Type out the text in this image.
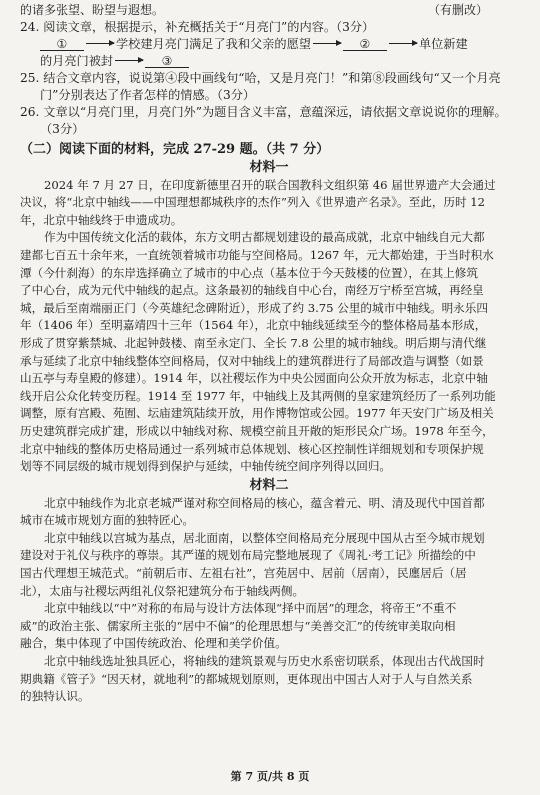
的诸多张望、盼望与遐想。	（有删改）
24. 阅读文章，根据提示，补充概括关于“月亮门”的内容。（3分）
①	学校建月亮门满足了我和父亲的愿望	②	单位新建
的月亮门被封	③
25. 结合文章内容，说说第④段中画线句“哈，又是月亮门！”和第⑧段画线句“又一个月亮
门”分别表达了作者怎样的情感。（3分）
26. 文章以“月亮门里，月亮门外”为题目含义丰富，意蕴深远，请依据文章说说你的理解。
（3分）
（二）阅读下面的材料，完成 27-29 题。（共 7 分）
材料一
2024 年 7 月 27 日，在印度新德里召开的联合国教科文组织第 46 届世界遗产大会通过
决议，将“北京中轴线——中国理想都城秩序的杰作”列入《世界遗产名录》。至此，历时 12
年，北京中轴线终于申遗成功。
作为中国传统文化活的载体，东方文明古都规划建设的最高成就，北京中轴线自元大都
建都七百五十余年来，一直统领着城市功能与空间格局。1267 年，元大都始建，于当时积水
潭（今什刹海）的东岸选择确立了城市的中心点（基本位于今天鼓楼的位置），在其上修筑
了中心台，成为元代中轴线的起点。这条最初的轴线自中心台，南经万宁桥至宫城，再经皇
城，最后至南端丽正门（今英雄纪念碑附近），形成了约 3.75 公里的城市中轴线。明永乐四
年（1406 年）至明嘉靖四十三年（1564 年），北京中轴线延续至今的整体格局基本形成，
形成了贯穿紫禁城、北起钟鼓楼、南至永定门、全长 7.8 公里的城市轴线。明后期与清代继
承与延续了北京中轴线整体空间格局，仅对中轴线上的建筑群进行了局部改造与调整（如景
山五亭与寿皇殿的修建）。1914 年，以社稷坛作为中央公园面向公众开放为标志，北京中轴
线开启公众化转变历程。1914 至 1977 年，中轴线上及其两侧的皇家建筑经历了一系列功能
调整，原有宫殿、苑囿、坛庙建筑陆续开放，用作博物馆或公园。1977 年天安门广场及相关
历史建筑群完成扩建，形成以中轴线对称、规模空前且开敞的矩形民众广场。1978 年至今，
北京中轴线的整体历史格局通过一系列城市总体规划、核心区控制性详细规划和专项保护规
划等不同层级的城市规划得到保护与延续，中轴传统空间序列得以回归。
材料二
北京中轴线作为北京老城严谨对称空间格局的核心，蕴含着元、明、清及现代中国首都
城市在城市规划方面的独特匠心。
北京中轴线以宫城为基点，居北面南，以整体空间格局充分展现中国从古至今城市规划
建设对于礼仪与秩序的尊崇。其严谨的规划布局完整地展现了《周礼·考工记》所描绘的中
国古代理想王城范式。“前朝后市、左祖右社”，宫苑居中、居前（居南），民廛居后（居
北），太庙与社稷坛两组礼仪祭祀建筑分布于轴线两侧。
北京中轴线以“中”对称的布局与设计方法体现“择中而居”的理念，将帝王“不重不
威”的政治主张、儒家所主张的“居中不偏”的伦理思想与“美善交汇”的传统审美取向相
融合，集中体现了中国传统政治、伦理和美学价值。
北京中轴线选址独具匠心，将轴线的建筑景观与历史水系密切联系，体现出古代战国时
期典籍《管子》“因天材，就地利”的都城规划原则，更体现出中国古人对于人与自然关系
的独特认识。
第 7 页/共 8 页
